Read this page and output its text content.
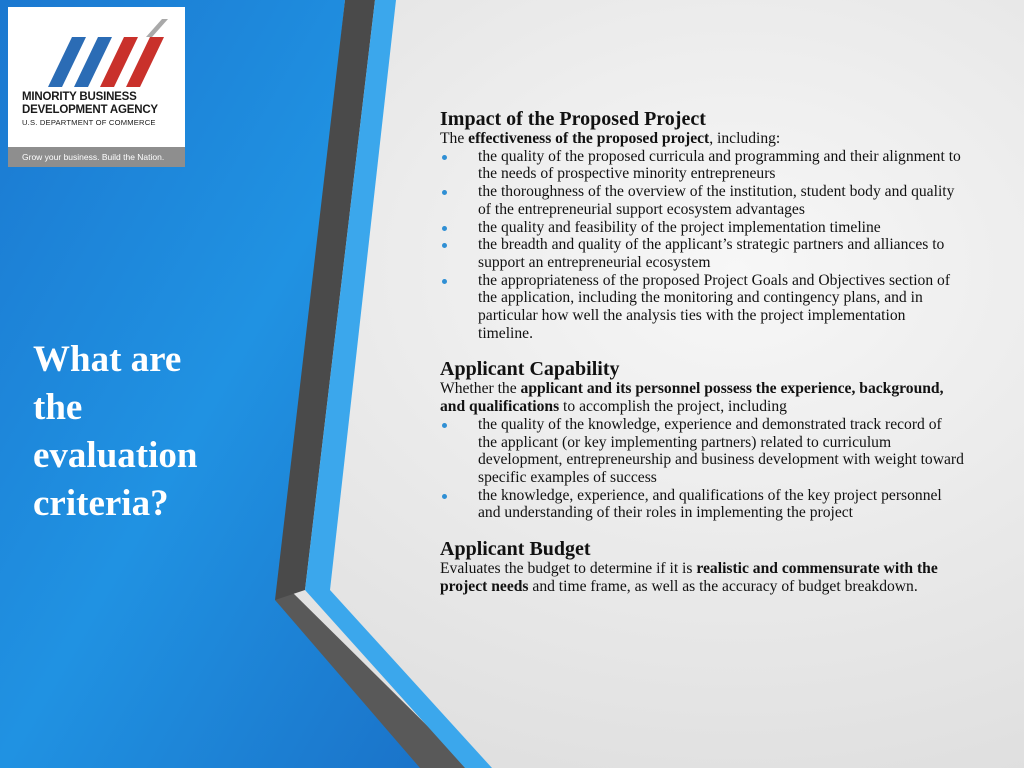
MINORITY BUSINESS
DEVELOPMENT AGENCY
U.S. DEPARTMENT OF COMMERCE
Grow your business. Build the Nation.
What are
the
evaluation
criteria?
Impact of the Proposed Project

The effectiveness of the proposed project, including:

the quality of the proposed curricula and programming and their alignment to the needs of prospective minority entrepreneurs
the thoroughness of the overview of the institution, student body and quality of the entrepreneurial support ecosystem advantages
the quality and feasibility of the project implementation timeline
the breadth and quality of the applicant’s strategic partners and alliances to support an entrepreneurial ecosystem
the appropriateness of the proposed Project Goals and Objectives section of the application, including the monitoring and contingency plans, and in particular how well the analysis ties with the project implementation timeline.
Applicant Capability

Whether the applicant and its personnel possess the experience, background, and qualifications to accomplish the project, including

the quality of the knowledge, experience and demonstrated track record of the applicant (or key implementing partners) related to curriculum development, entrepreneurship and business development with weight toward specific examples of success
the knowledge, experience, and qualifications of the key project personnel and understanding of their roles in implementing the project
Applicant Budget

Evaluates the budget to determine if it is realistic and commensurate with the project needs and time frame, as well as the accuracy of budget breakdown.
